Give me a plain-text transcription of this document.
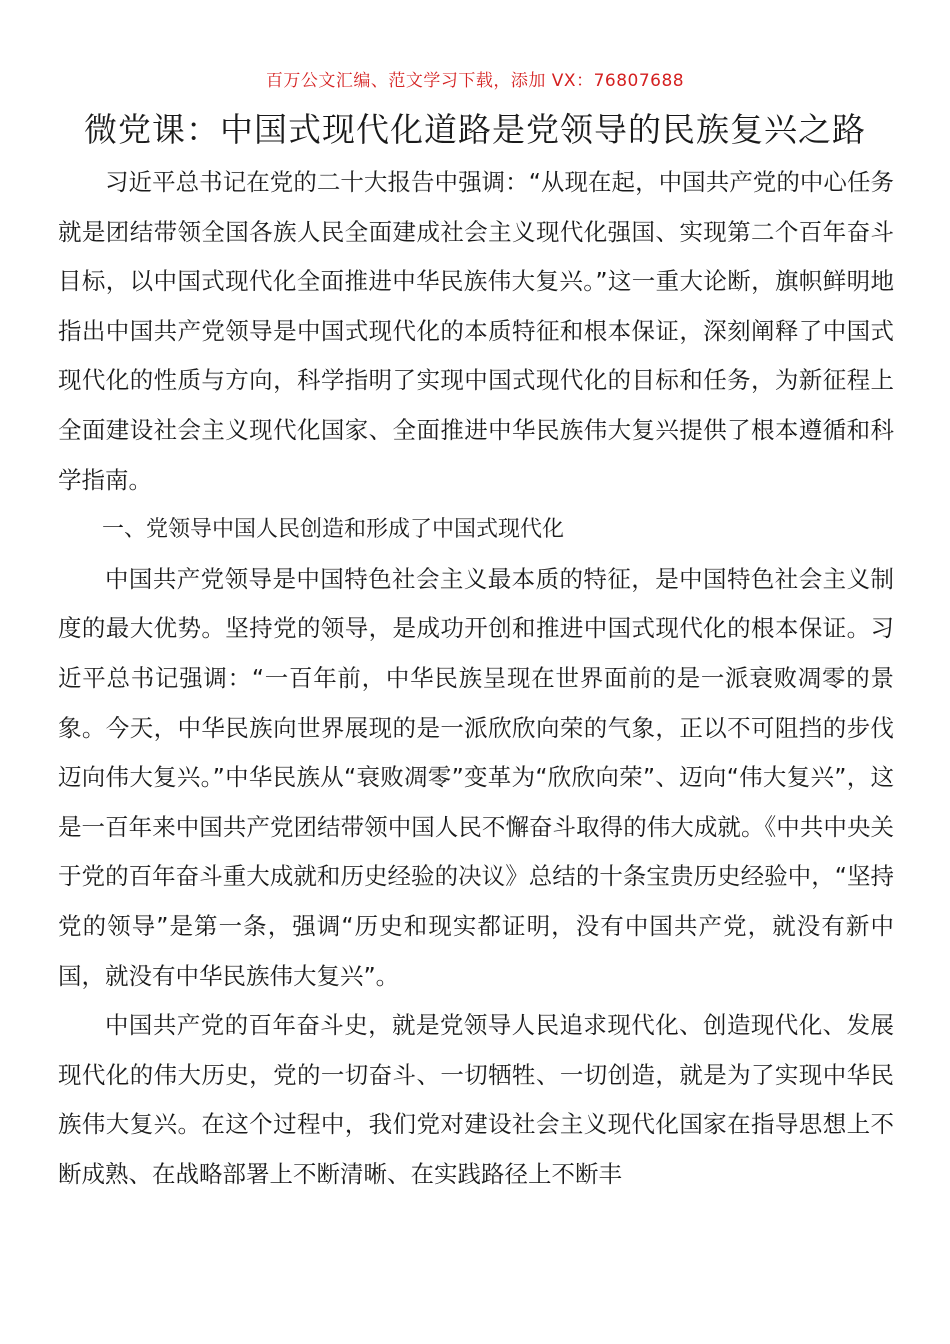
百万公文汇编、范文学习下载，添加 VX：76807688
微党课：中国式现代化道路是党领导的民族复兴之路

习近平总书记在党的二十大报告中强调：“从现在起，中国共产党的中心任务就是团结带领全国各族人民全面建成社会主义现代化强国、实现第二个百年奋斗目标，以中国式现代化全面推进中华民族伟大复兴。”这一重大论断，旗帜鲜明地指出中国共产党领导是中国式现代化的本质特征和根本保证，深刻阐释了中国式现代化的性质与方向，科学指明了实现中国式现代化的目标和任务，为新征程上全面建设社会主义现代化国家、全面推进中华民族伟大复兴提供了根本遵循和科学指南。

一、党领导中国人民创造和形成了中国式现代化

中国共产党领导是中国特色社会主义最本质的特征，是中国特色社会主义制度的最大优势。坚持党的领导，是成功开创和推进中国式现代化的根本保证。习近平总书记强调：“一百年前，中华民族呈现在世界面前的是一派衰败凋零的景象。今天，中华民族向世界展现的是一派欣欣向荣的气象，正以不可阻挡的步伐迈向伟大复兴。”中华民族从“衰败凋零”变革为“欣欣向荣”、迈向“伟大复兴”，这是一百年来中国共产党团结带领中国人民不懈奋斗取得的伟大成就。《中共中央关于党的百年奋斗重大成就和历史经验的决议》总结的十条宝贵历史经验中，“坚持党的领导”是第一条，强调“历史和现实都证明，没有中国共产党，就没有新中国，就没有中华民族伟大复兴”。

中国共产党的百年奋斗史，就是党领导人民追求现代化、创造现代化、发展现代化的伟大历史，党的一切奋斗、一切牺牲、一切创造，就是为了实现中华民族伟大复兴。在这个过程中，我们党对建设社会主义现代化国家在指导思想上不断成熟、在战略部署上不断清晰、在实践路径上不断丰
